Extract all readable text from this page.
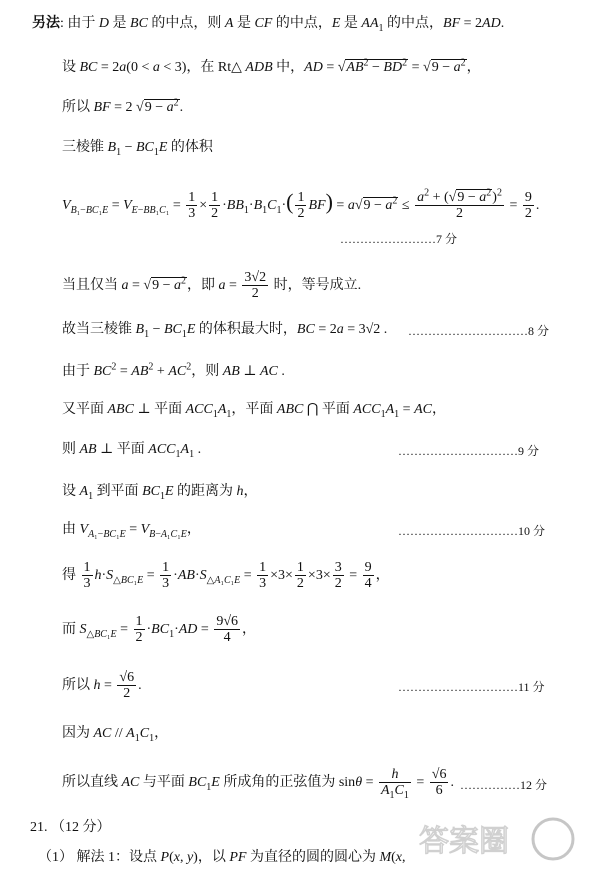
另法: 由于 D 是 BC 的中点，则 A 是 CF 的中点，E 是 $AA_1$ 的中点，BF = 2AD.
设 BC = 2a(0 < a < 3)，在 Rt△ ADB 中，AD = $√AB^2 - BD^2 = √9 - a^2$，
所以 BF = 2 $√9 - a^2$.
三棱锥 $B_1 - BC_1E$ 的体积
$V_{B_1-BC_1E} = V_{E-BB_1C_1} = \frac{1}{3} \times \frac{1}{2} \cdot BB_1\cdot B_1C_1\cdot( \frac{1}{2} BF) = a√9 - a^2 \le \frac{a^2 + (√9 - a^2)^2}{2} = \frac{9}{2}$ .
……………………7 分
当且仅当 $a = √9 - a^2$，即 $a = \frac{3√2}{2}$ 时，等号成立.
故当三棱锥 $B_1 - BC_1E$ 的体积最大时，BC = 2a = 3√2 . …………………………8 分
由于 $BC^2 = AB^2 + AC^2$，则 AB ⊥ AC .
又平面 ABC ⊥ 平面 $ACC_1A_1$，平面 ABC ⋂ 平面 $ACC_1A_1$ = AC，
则 AB ⊥ 平面 $ACC_1A_1$ .	…………………………9 分
设 $A_1$ 到平面 $BC_1E$ 的距离为 h，
由 $V_{A_1-BC_1E} = V_{B-A_1C_1E}$，	…………………………10 分
得 $\frac{1}{3} h\cdot S_{\triangle BC_1E} = \frac{1}{3} \cdot AB\cdot S_{\triangle A_1C_1E} = \frac{1}{3} \times 3\times \frac{1}{2} \times 3\times \frac{3}{2} = \frac{9}{4}$ ，
而 $S_{\triangle BC_1E} = \frac{1}{2} \cdot BC_1\cdot AD = \frac{9√6}{4}$ ，
所以 $h = \frac{√6}{2}$ .	…………………………11 分
因为 AC // $A_1C_1$，
所以直线 AC 与平面 $BC_1E$ 所成角的正弦值为 $\sin\theta = \frac{h}{A_1C_1} = \frac{√6}{6}$ . ……………12 分
21. （12 分）
（1） 解法 1：设点 P(x, y)，以 PF 为直径的圆的圆心为 M(x, 答案圈
